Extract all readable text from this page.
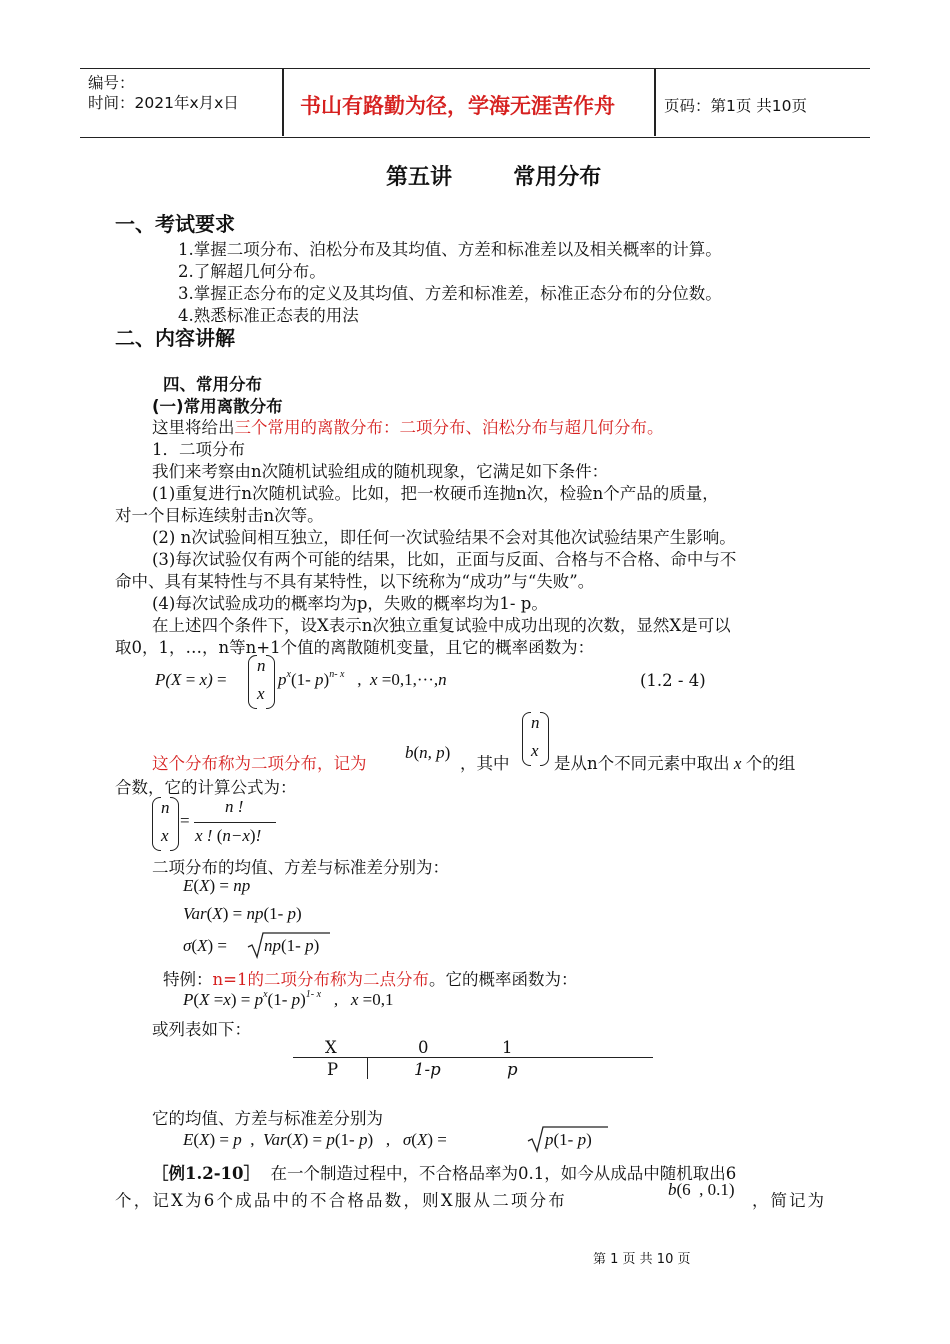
编号：
时间：2021年x月x日	书山有路勤为径，学海无涯苦作舟	页码：第1页 共10页
第五讲        常用分布
一、考试要求
1.掌握二项分布、泊松分布及其均值、方差和标准差以及相关概率的计算。
2.了解超几何分布。
3.掌握正态分布的定义及其均值、方差和标准差，标准正态分布的分位数。
4.熟悉标准正态表的用法
二、内容讲解
四、常用分布
(一)常用离散分布
这里将给出三个常用的离散分布：二项分布、泊松分布与超几何分布。
1．二项分布
我们来考察由n次随机试验组成的随机现象，它满足如下条件：
(1)重复进行n次随机试验。比如，把一枚硬币连抛n次，检验n个产品的质量，
对一个目标连续射击n次等。
(2) n次试验间相互独立，即任何一次试验结果不会对其他次试验结果产生影响。
(3)每次试验仅有两个可能的结果，比如，正面与反面、合格与不合格、命中与不
命中、具有某特性与不具有某特性，以下统称为“成功”与“失败”。
(4)每次试验成功的概率均为p，失败的概率均为1- p。
在上述四个条件下，设X表示n次独立重复试验中成功出现的次数，显然X是可以
取0，1，…，n等n+1个值的离散随机变量，且它的概率函数为：
P(X = x) =
n
x
$p^x(1-$ p)$^{n- x}$   ,  x =0,1,···,n	(1.2 - 4)
n
x
这个分布称为二项分布，记为
b(n, p)
，其中	是从n个不同元素中取出 x 个的组
合数，它的计算公式为：
n
x
=
n !
x ! (n−x)!
二项分布的均值、方差与标准差分别为：
E(X) = np
Var(X) = np(1- p)
σ(X) = np(1- p)
特例：n=1的二项分布称为二点分布。它的概率函数为：
$P(X =x) = p^x(1-$ p)$^{1- x}$   ,   x =0,1
或列表如下：
X	0	1
P	1-p	p
它的均值、方差与标准差分别为
E(X) = p  ,  Var(X) = p(1- p)   ,   σ(X) =	p(1- p)
［例1.2-10］  在一个制造过程中，不合格品率为0.1，如今从成品中随机取出6
个，记X为6个成品中的不合格品数，则X服从二项分布
b(6  , 0.1)
，简记为
第 1 页 共 10 页
